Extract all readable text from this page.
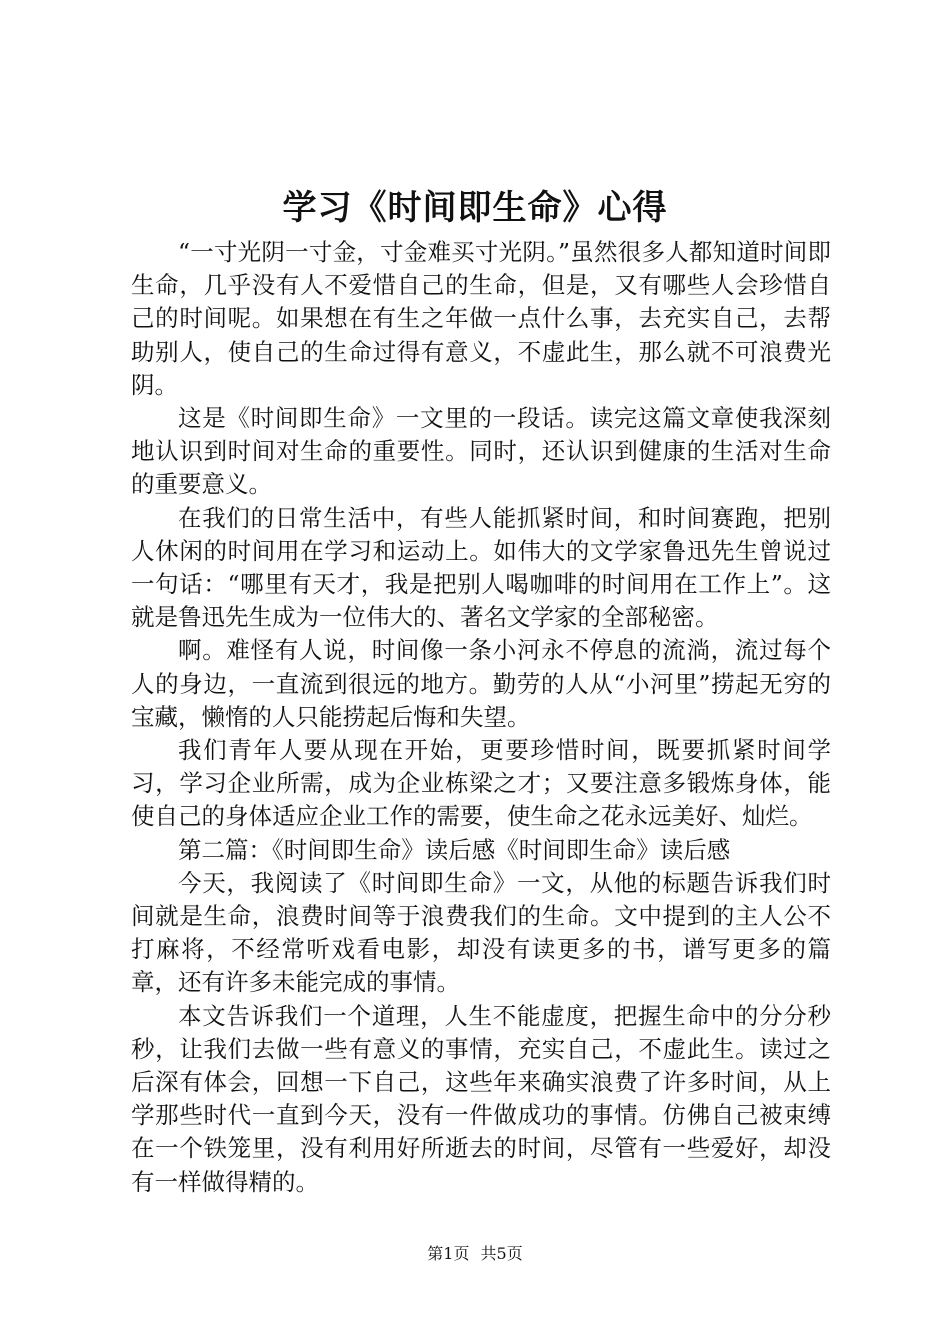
学习《时间即生命》心得

“一寸光阴一寸金，寸金难买寸光阴。”虽然很多人都知道时间即生命，几乎没有人不爱惜自己的生命，但是，又有哪些人会珍惜自己的时间呢。如果想在有生之年做一点什么事，去充实自己，去帮助别人，使自己的生命过得有意义，不虚此生，那么就不可浪费光阴。

这是《时间即生命》一文里的一段话。读完这篇文章使我深刻地认识到时间对生命的重要性。同时，还认识到健康的生活对生命的重要意义。

在我们的日常生活中，有些人能抓紧时间，和时间赛跑，把别人休闲的时间用在学习和运动上。如伟大的文学家鲁迅先生曾说过一句话：“哪里有天才，我是把别人喝咖啡的时间用在工作上”。这就是鲁迅先生成为一位伟大的、著名文学家的全部秘密。

啊。难怪有人说，时间像一条小河永不停息的流淌，流过每个人的身边，一直流到很远的地方。勤劳的人从“小河里”捞起无穷的宝藏，懒惰的人只能捞起后悔和失望。

我们青年人要从现在开始，更要珍惜时间，既要抓紧时间学习，学习企业所需，成为企业栋梁之才；又要注意多锻炼身体，能使自己的身体适应企业工作的需要，使生命之花永远美好、灿烂。

第二篇：《时间即生命》读后感《时间即生命》读后感

今天，我阅读了《时间即生命》一文，从他的标题告诉我们时间就是生命，浪费时间等于浪费我们的生命。文中提到的主人公不打麻将，不经常听戏看电影，却没有读更多的书，谱写更多的篇章，还有许多未能完成的事情。

本文告诉我们一个道理，人生不能虚度，把握生命中的分分秒秒，让我们去做一些有意义的事情，充实自己，不虚此生。读过之后深有体会，回想一下自己，这些年来确实浪费了许多时间，从上学那些时代一直到今天，没有一件做成功的事情。仿佛自己被束缚在一个铁笼里，没有利用好所逝去的时间，尽管有一些爱好，却没有一样做得精的。

第1页 共5页
